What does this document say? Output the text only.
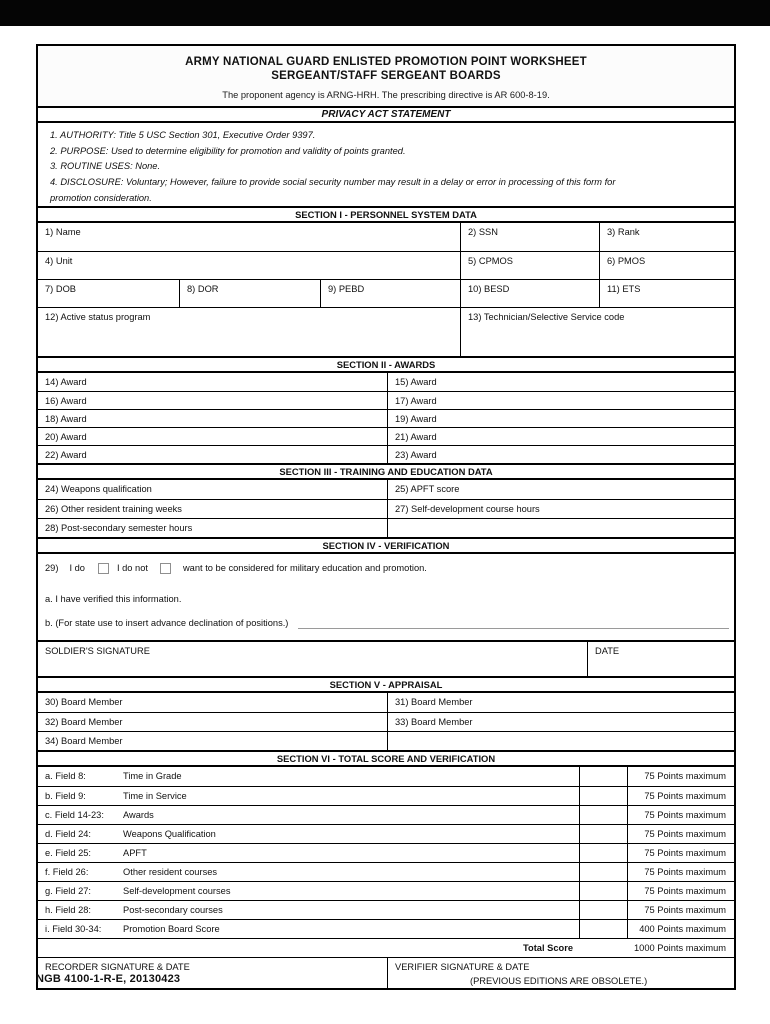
ARMY NATIONAL GUARD ENLISTED PROMOTION POINT WORKSHEET
SERGEANT/STAFF SERGEANT BOARDS
The proponent agency is ARNG-HRH. The prescribing directive is AR 600-8-19.
PRIVACY ACT STATEMENT
1. AUTHORITY: Title 5 USC Section 301, Executive Order 9397.
2. PURPOSE: Used to determine eligibility for promotion and validity of points granted.
3. ROUTINE USES: None.
4. DISCLOSURE: Voluntary; However, failure to provide social security number may result in a delay or error in processing of this form for
promotion consideration.
SECTION I - PERSONNEL SYSTEM DATA
1) Name	2) SSN	3) Rank
4) Unit	5) CPMOS	6) PMOS
7) DOB	8) DOR	9) PEBD	10) BESD	11) ETS
12) Active status program	13) Technician/Selective Service code
SECTION II - AWARDS
14) Award	15) Award
16) Award	17) Award
18) Award	19) Award
20) Award	21) Award
22) Award	23) Award
SECTION III - TRAINING AND EDUCATION DATA
24) Weapons qualification	25) APFT score
26) Other resident training weeks	27) Self-development course hours
28) Post-secondary semester hours
SECTION IV - VERIFICATION
29) I do	I do not	want to be considered for military education and promotion.
a. I have verified this information.
b. (For state use to insert advance declination of positions.)
SOLDIER'S SIGNATURE	DATE
SECTION V - APPRAISAL
30) Board Member	31) Board Member
32) Board Member	33) Board Member
34) Board Member
SECTION VI - TOTAL SCORE AND VERIFICATION
a. Field 8:	Time in Grade	75 Points maximum
b. Field 9:	Time in Service	75 Points maximum
c. Field 14-23: Awards	75 Points maximum
d. Field 24:	Weapons Qualification	75 Points maximum
e. Field 25:	APFT	75 Points maximum
f. Field 26:	Other resident courses	75 Points maximum
g. Field 27:	Self-development courses	75 Points maximum
h. Field 28:	Post-secondary courses	75 Points maximum
i. Field 30-34: Promotion Board Score	400 Points maximum
Total Score	1000 Points maximum
RECORDER SIGNATURE & DATE	VERIFIER SIGNATURE & DATE
NGB 4100-1-R-E, 20130423	(PREVIOUS EDITIONS ARE OBSOLETE.)
